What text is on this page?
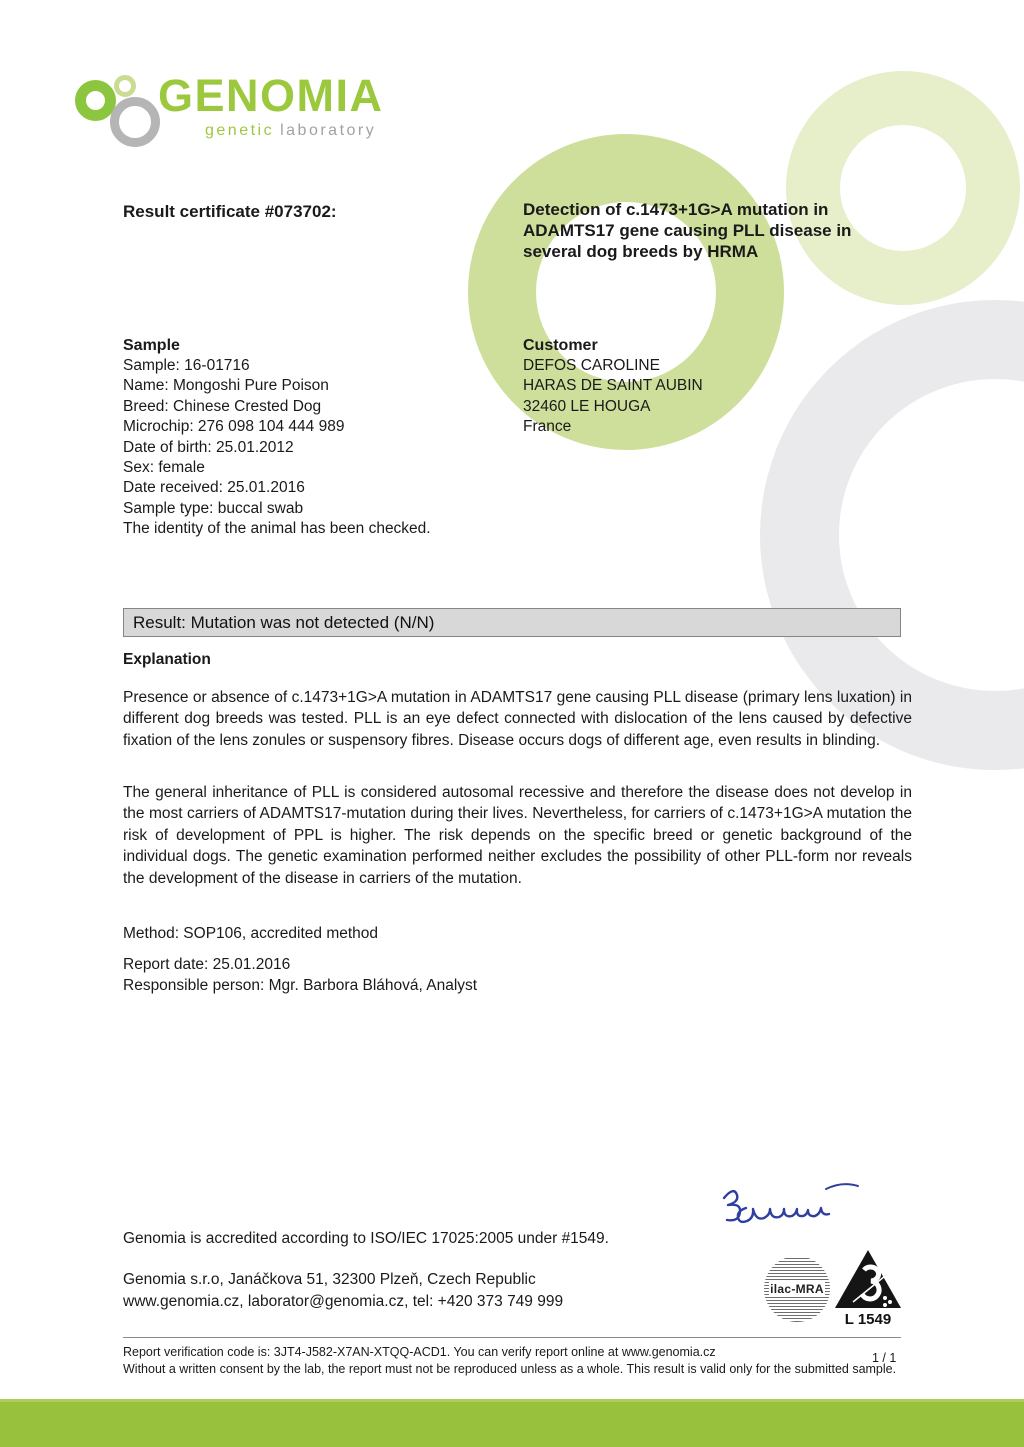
GENOMIA
genetic laboratory
Result certificate #073702:	Detection of c.1473+1G>A mutation in ADAMTS17 gene causing PLL disease in several dog breeds by HRMA
Sample
Sample: 16-01716
Name: Mongoshi Pure Poison
Breed: Chinese Crested Dog
Microchip: 276 098 104 444 989
Date of birth: 25.01.2012
Sex: female
Date received: 25.01.2016
Sample type: buccal swab
The identity of the animal has been checked.
Customer
DEFOS CAROLINE
HARAS DE SAINT AUBIN
32460 LE HOUGA
France
Result: Mutation was not detected (N/N)
Explanation
Presence or absence of c.1473+1G>A mutation in ADAMTS17 gene causing PLL disease (primary lens luxation) in different dog breeds was tested. PLL is an eye defect connected with dislocation of the lens caused by defective fixation of the lens zonules or suspensory fibres. Disease occurs dogs of different age, even results in blinding.
The general inheritance of PLL is considered autosomal recessive and therefore the disease does not develop in the most carriers of ADAMTS17-mutation during their lives. Nevertheless, for carriers of c.1473+1G>A mutation the risk of development of PPL is higher. The risk depends on the specific breed or genetic background of the individual dogs. The genetic examination performed neither excludes the possibility of other PLL-form nor reveals the development of the disease in carriers of the mutation.
Method: SOP106, accredited method
Report date: 25.01.2016
Responsible person: Mgr. Barbora Bláhová, Analyst
Genomia is accredited according to ISO/IEC 17025:2005 under #1549.
Genomia s.r.o, Janáčkova 51, 32300 Plzeň, Czech Republic
www.genomia.cz, laborator@genomia.cz, tel: +420 373 749 999
ilac-MRA
L 1549
Report verification code is: 3JT4-J582-X7AN-XTQQ-ACD1. You can verify report online at www.genomia.cz
Without a written consent by the lab, the report must not be reproduced unless as a whole. This result is valid only for the submitted sample.
1 / 1
